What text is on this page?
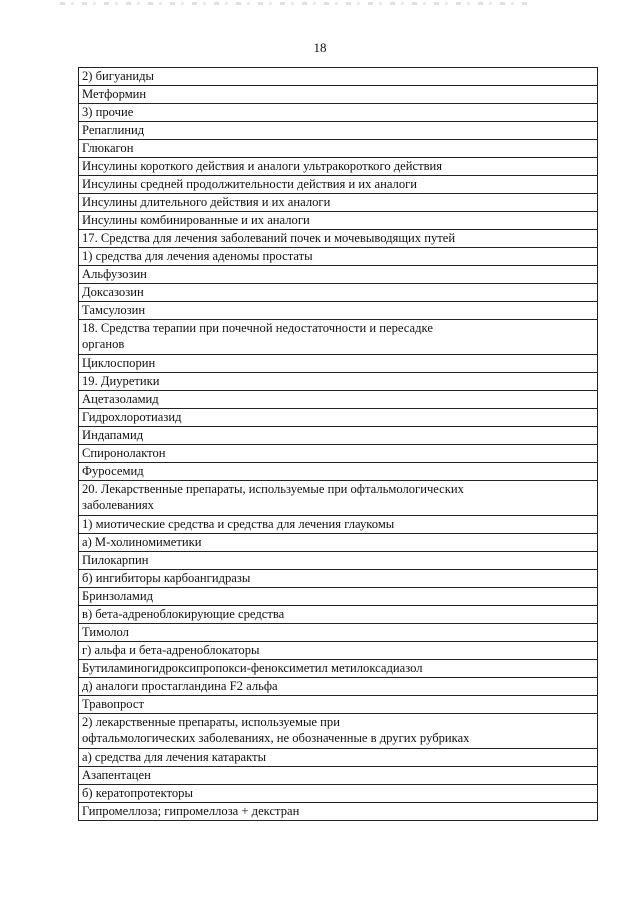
18
2) бигуаниды
Метформин
3) прочие
Репаглинид
Глюкагон
Инсулины короткого действия и аналоги ультракороткого действия
Инсулины средней продолжительности действия и их аналоги
Инсулины длительного действия и их аналоги
Инсулины комбинированные и их аналоги
17. Средства для лечения заболеваний почек и мочевыводящих путей
1) средства для лечения аденомы простаты
Альфузозин
Доксазозин
Тамсулозин
18. Средства терапии при почечной недостаточности и пересадке
органов
Циклоспорин
19. Диуретики
Ацетазоламид
Гидрохлоротиазид
Индапамид
Спиронолактон
Фуросемид
20. Лекарственные препараты, используемые при офтальмологических
заболеваниях
1) миотические средства и средства для лечения глаукомы
а) М-холиномиметики
Пилокарпин
б) ингибиторы карбоангидразы
Бринзоламид
в) бета-адреноблокирующие средства
Тимолол
г) альфа и бета-адреноблокаторы
Бутиламиногидроксипропокси-феноксиметил метилоксадиазол
д) аналоги простагландина F2 альфа
Травопрост
2) лекарственные препараты, используемые при
офтальмологических заболеваниях, не обозначенные в других рубриках
а) средства для лечения катаракты
Азапентацен
б) кератопротекторы
Гипромеллоза; гипромеллоза + декстран
